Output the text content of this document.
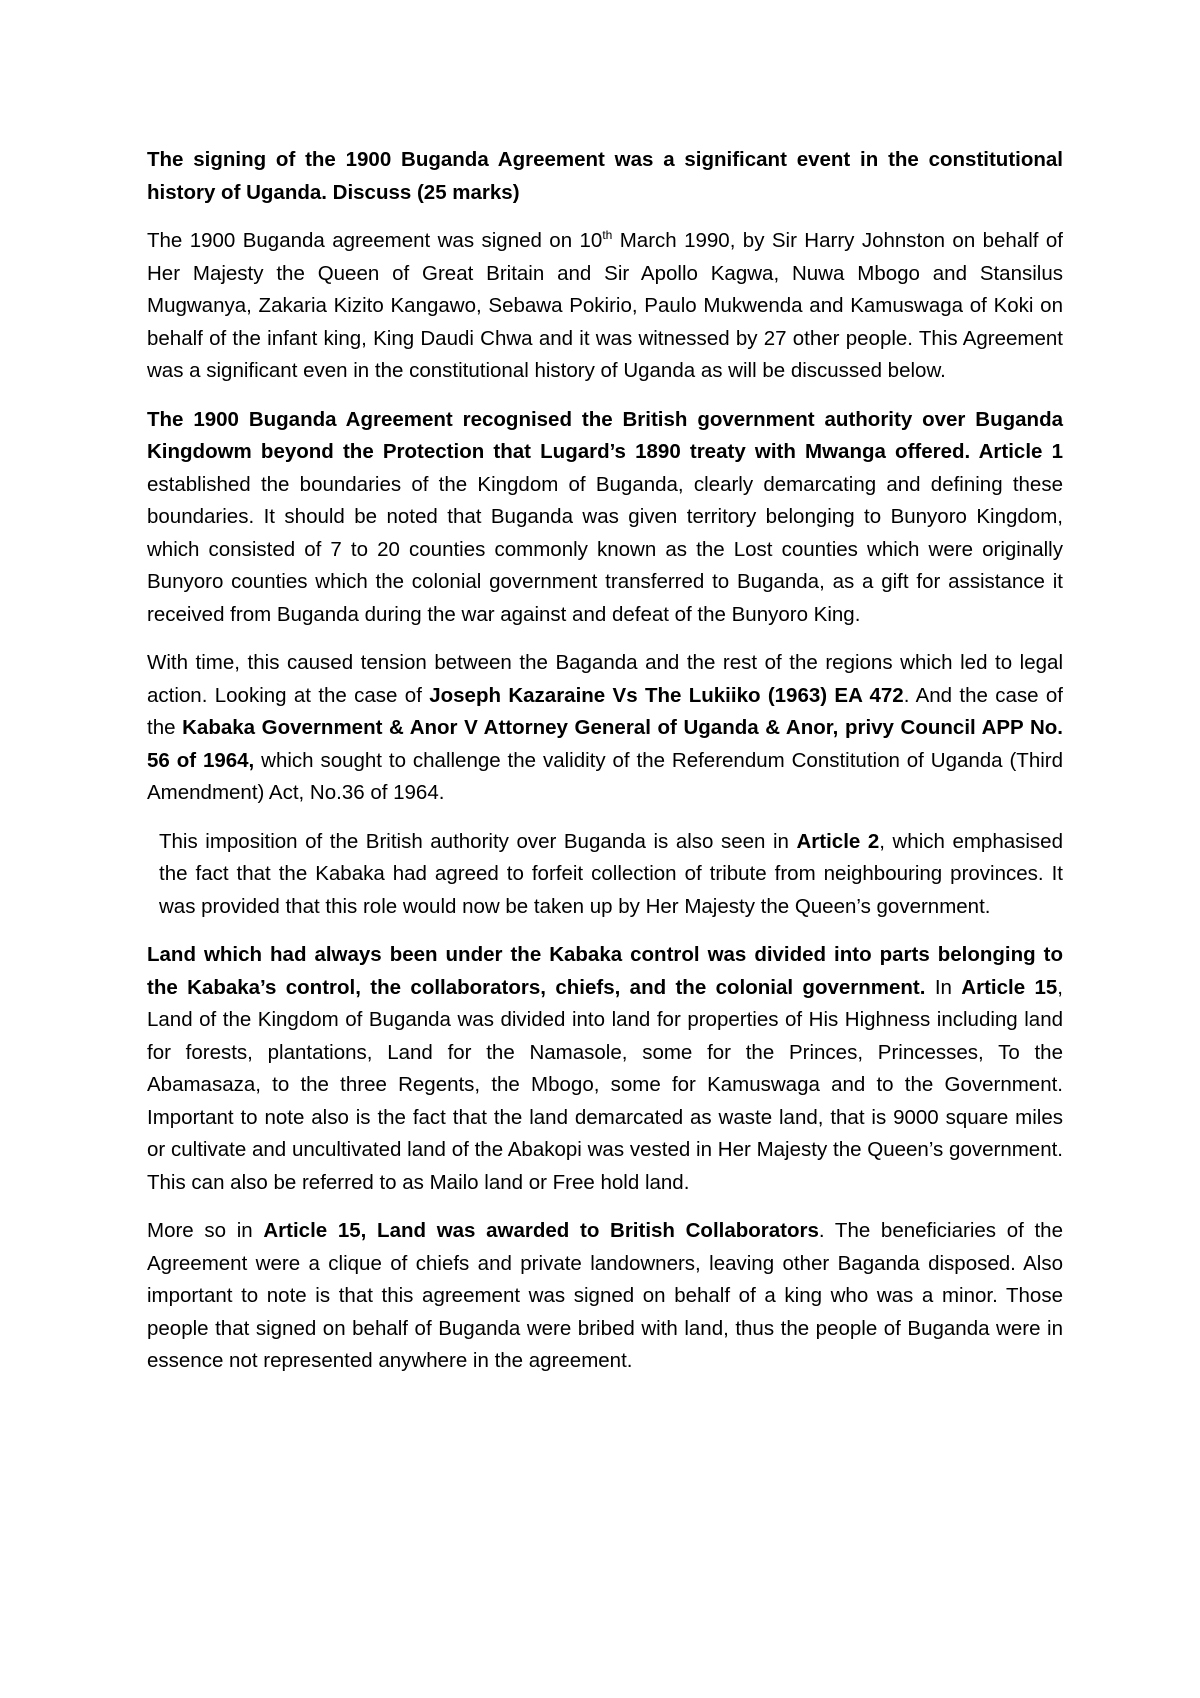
The signing of the 1900 Buganda Agreement was a significant event in the constitutional history of Uganda. Discuss (25 marks)

The 1900 Buganda agreement was signed on 10th March 1990, by Sir Harry Johnston on behalf of Her Majesty the Queen of Great Britain and Sir Apollo Kagwa, Nuwa Mbogo and Stansilus Mugwanya, Zakaria Kizito Kangawo, Sebawa Pokirio, Paulo Mukwenda and Kamuswaga of Koki on behalf of the infant king, King Daudi Chwa and it was witnessed by 27 other people. This Agreement was a significant even in the constitutional history of Uganda as will be discussed below.

The 1900 Buganda Agreement recognised the British government authority over Buganda Kingdowm beyond the Protection that Lugard’s 1890 treaty with Mwanga offered. Article 1 established the boundaries of the Kingdom of Buganda, clearly demarcating and defining these boundaries. It should be noted that Buganda was given territory belonging to Bunyoro Kingdom, which consisted of 7 to 20 counties commonly known as the Lost counties which were originally Bunyoro counties which the colonial government transferred to Buganda, as a gift for assistance it received from Buganda during the war against and defeat of the Bunyoro King.

With time, this caused tension between the Baganda and the rest of the regions which led to legal action. Looking at the case of Joseph Kazaraine Vs The Lukiiko (1963) EA 472. And the case of the Kabaka Government & Anor V Attorney General of Uganda & Anor, privy Council APP No. 56 of 1964, which sought to challenge the validity of the Referendum Constitution of Uganda (Third Amendment) Act, No.36 of 1964.

This imposition of the British authority over Buganda is also seen in Article 2, which emphasised the fact that the Kabaka had agreed to forfeit collection of tribute from neighbouring provinces. It was provided that this role would now be taken up by Her Majesty the Queen’s government.

Land which had always been under the Kabaka control was divided into parts belonging to the Kabaka’s control, the collaborators, chiefs, and the colonial government. In Article 15, Land of the Kingdom of Buganda was divided into land for properties of His Highness including land for forests, plantations, Land for the Namasole, some for the Princes, Princesses, To the Abamasaza, to the three Regents, the Mbogo, some for Kamuswaga and to the Government. Important to note also is the fact that the land demarcated as waste land, that is 9000 square miles or cultivate and uncultivated land of the Abakopi was vested in Her Majesty the Queen’s government. This can also be referred to as Mailo land or Free hold land.

More so in Article 15, Land was awarded to British Collaborators. The beneficiaries of the Agreement were a clique of chiefs and private landowners, leaving other Baganda disposed. Also important to note is that this agreement was signed on behalf of a king who was a minor. Those people that signed on behalf of Buganda were bribed with land, thus the people of Buganda were in essence not represented anywhere in the agreement.
